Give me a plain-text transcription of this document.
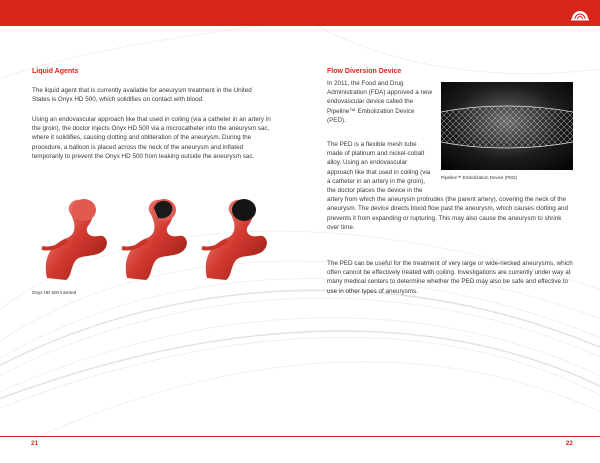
Liquid Agents

The liquid agent that is currently available for aneurysm treatment in the United States is Onyx HD 500, which solidifies on contact with blood.

Using an endovascular approach like that used in coiling (via a catheter in an artery in the groin), the doctor injects Onyx HD 500 via a microcatheter into the aneurysm sac, where it solidifies, causing clotting and obliteration of the aneurysm. During the procedure, a balloon is placed across the neck of the aneurysm and inflated temporarily to prevent the Onyx HD 500 from leaking outside the aneurysm sac.

Onyx HD 500 inserted
Flow Diversion Device

In 2011, the Food and Drug Administration (FDA) approved a new endovascular device called the Pipeline™ Embolization Device (PED).

The PED is a flexible mesh tube made of platinum and nickel-cobalt alloy. Using an endovascular approach like that used in coiling (via a catheter in an artery in the groin), the doctor places the device in the

artery from which the aneurysm protrudes (the parent artery), covering the neck of the aneurysm. The device directs blood flow past the aneurysm, which causes clotting and prevents it from expanding or rupturing. This may also cause the aneurysm to shrink over time.

The PED can be useful for the treatment of very large or wide-necked aneurysms, which often cannot be effectively treated with coiling. Investigations are currently under way at many medical centers to determine whether the PED may also be safe and effective to use in other types of aneurysms.

Pipeline™ Embolization Device (PED)
21	22
